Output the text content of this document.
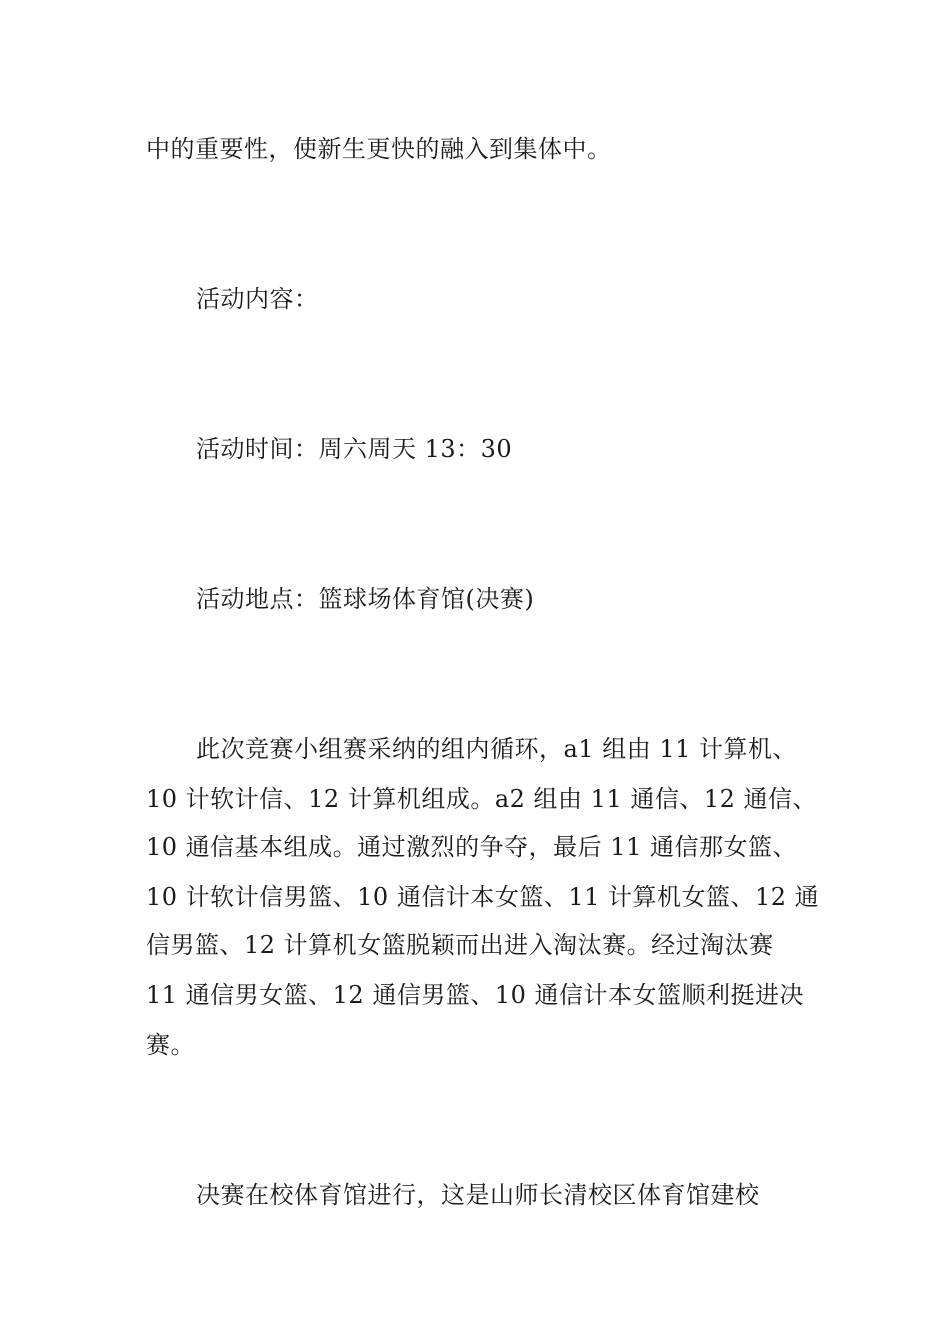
中的重要性，使新生更快的融入到集体中。
活动内容：
活动时间：周六周天 13：30
活动地点：篮球场体育馆(决赛)
此次竞赛小组赛采纳的组内循环，a1 组由 11 计算机、
10 计软计信、12 计算机组成。a2 组由 11 通信、12 通信、
10 通信基本组成。通过激烈的争夺，最后 11 通信那女篮、
10 计软计信男篮、10 通信计本女篮、11 计算机女篮、12 通
信男篮、12 计算机女篮脱颖而出进入淘汰赛。经过淘汰赛
11 通信男女篮、12 通信男篮、10 通信计本女篮顺利挺进决
赛。
决赛在校体育馆进行，这是山师长清校区体育馆建校
